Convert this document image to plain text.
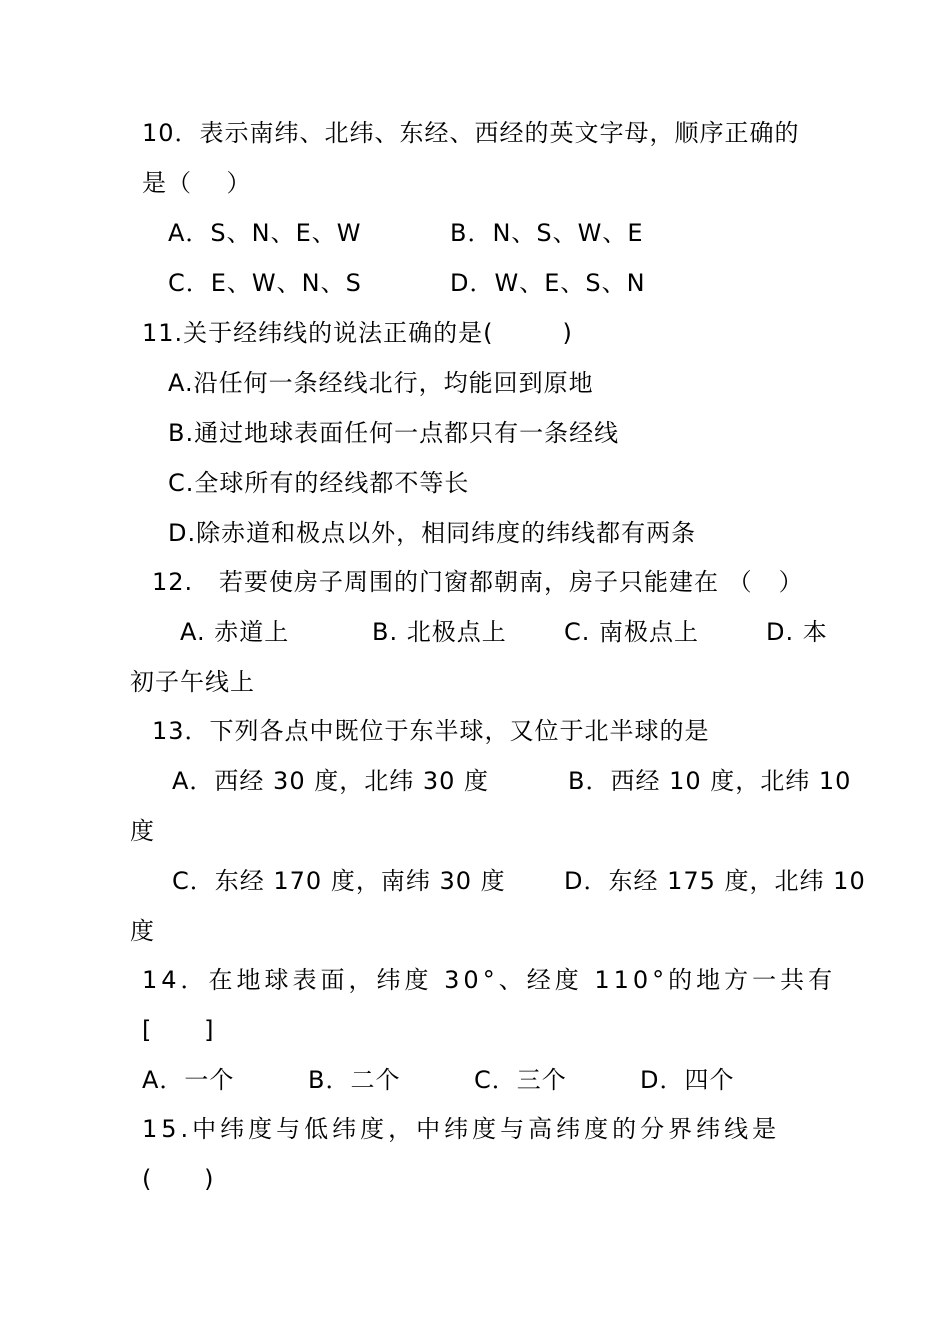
10．表示南纬、北纬、东经、西经的英文字母，顺序正确的
是（    ）
A．S、N、E、W	B．N、S、W、E
C．E、W、N、S	D．W、E、S、N
11.关于经纬线的说法正确的是(        )
A.沿任何一条经线北行，均能回到原地
B.通过地球表面任何一点都只有一条经线
C.全球所有的经线都不等长
D.除赤道和极点以外，相同纬度的纬线都有两条
12.   若要使房子周围的门窗都朝南，房子只能建在 （   ）
A. 赤道上	B. 北极点上 C. 南极点上	D. 本
初子午线上
13．下列各点中既位于东半球，又位于北半球的是
A．西经 30 度，北纬 30 度	B．西经 10 度，北纬 10
度
C．东经 170 度，南纬 30 度 D．东经 175 度，北纬 10
度
14．在地球表面，纬度 30°、经度 110°的地方一共有
[      ]
A．一个	B．二个	C．三个	D．四个
15.中纬度与低纬度，中纬度与高纬度的分界纬线是
(      )
